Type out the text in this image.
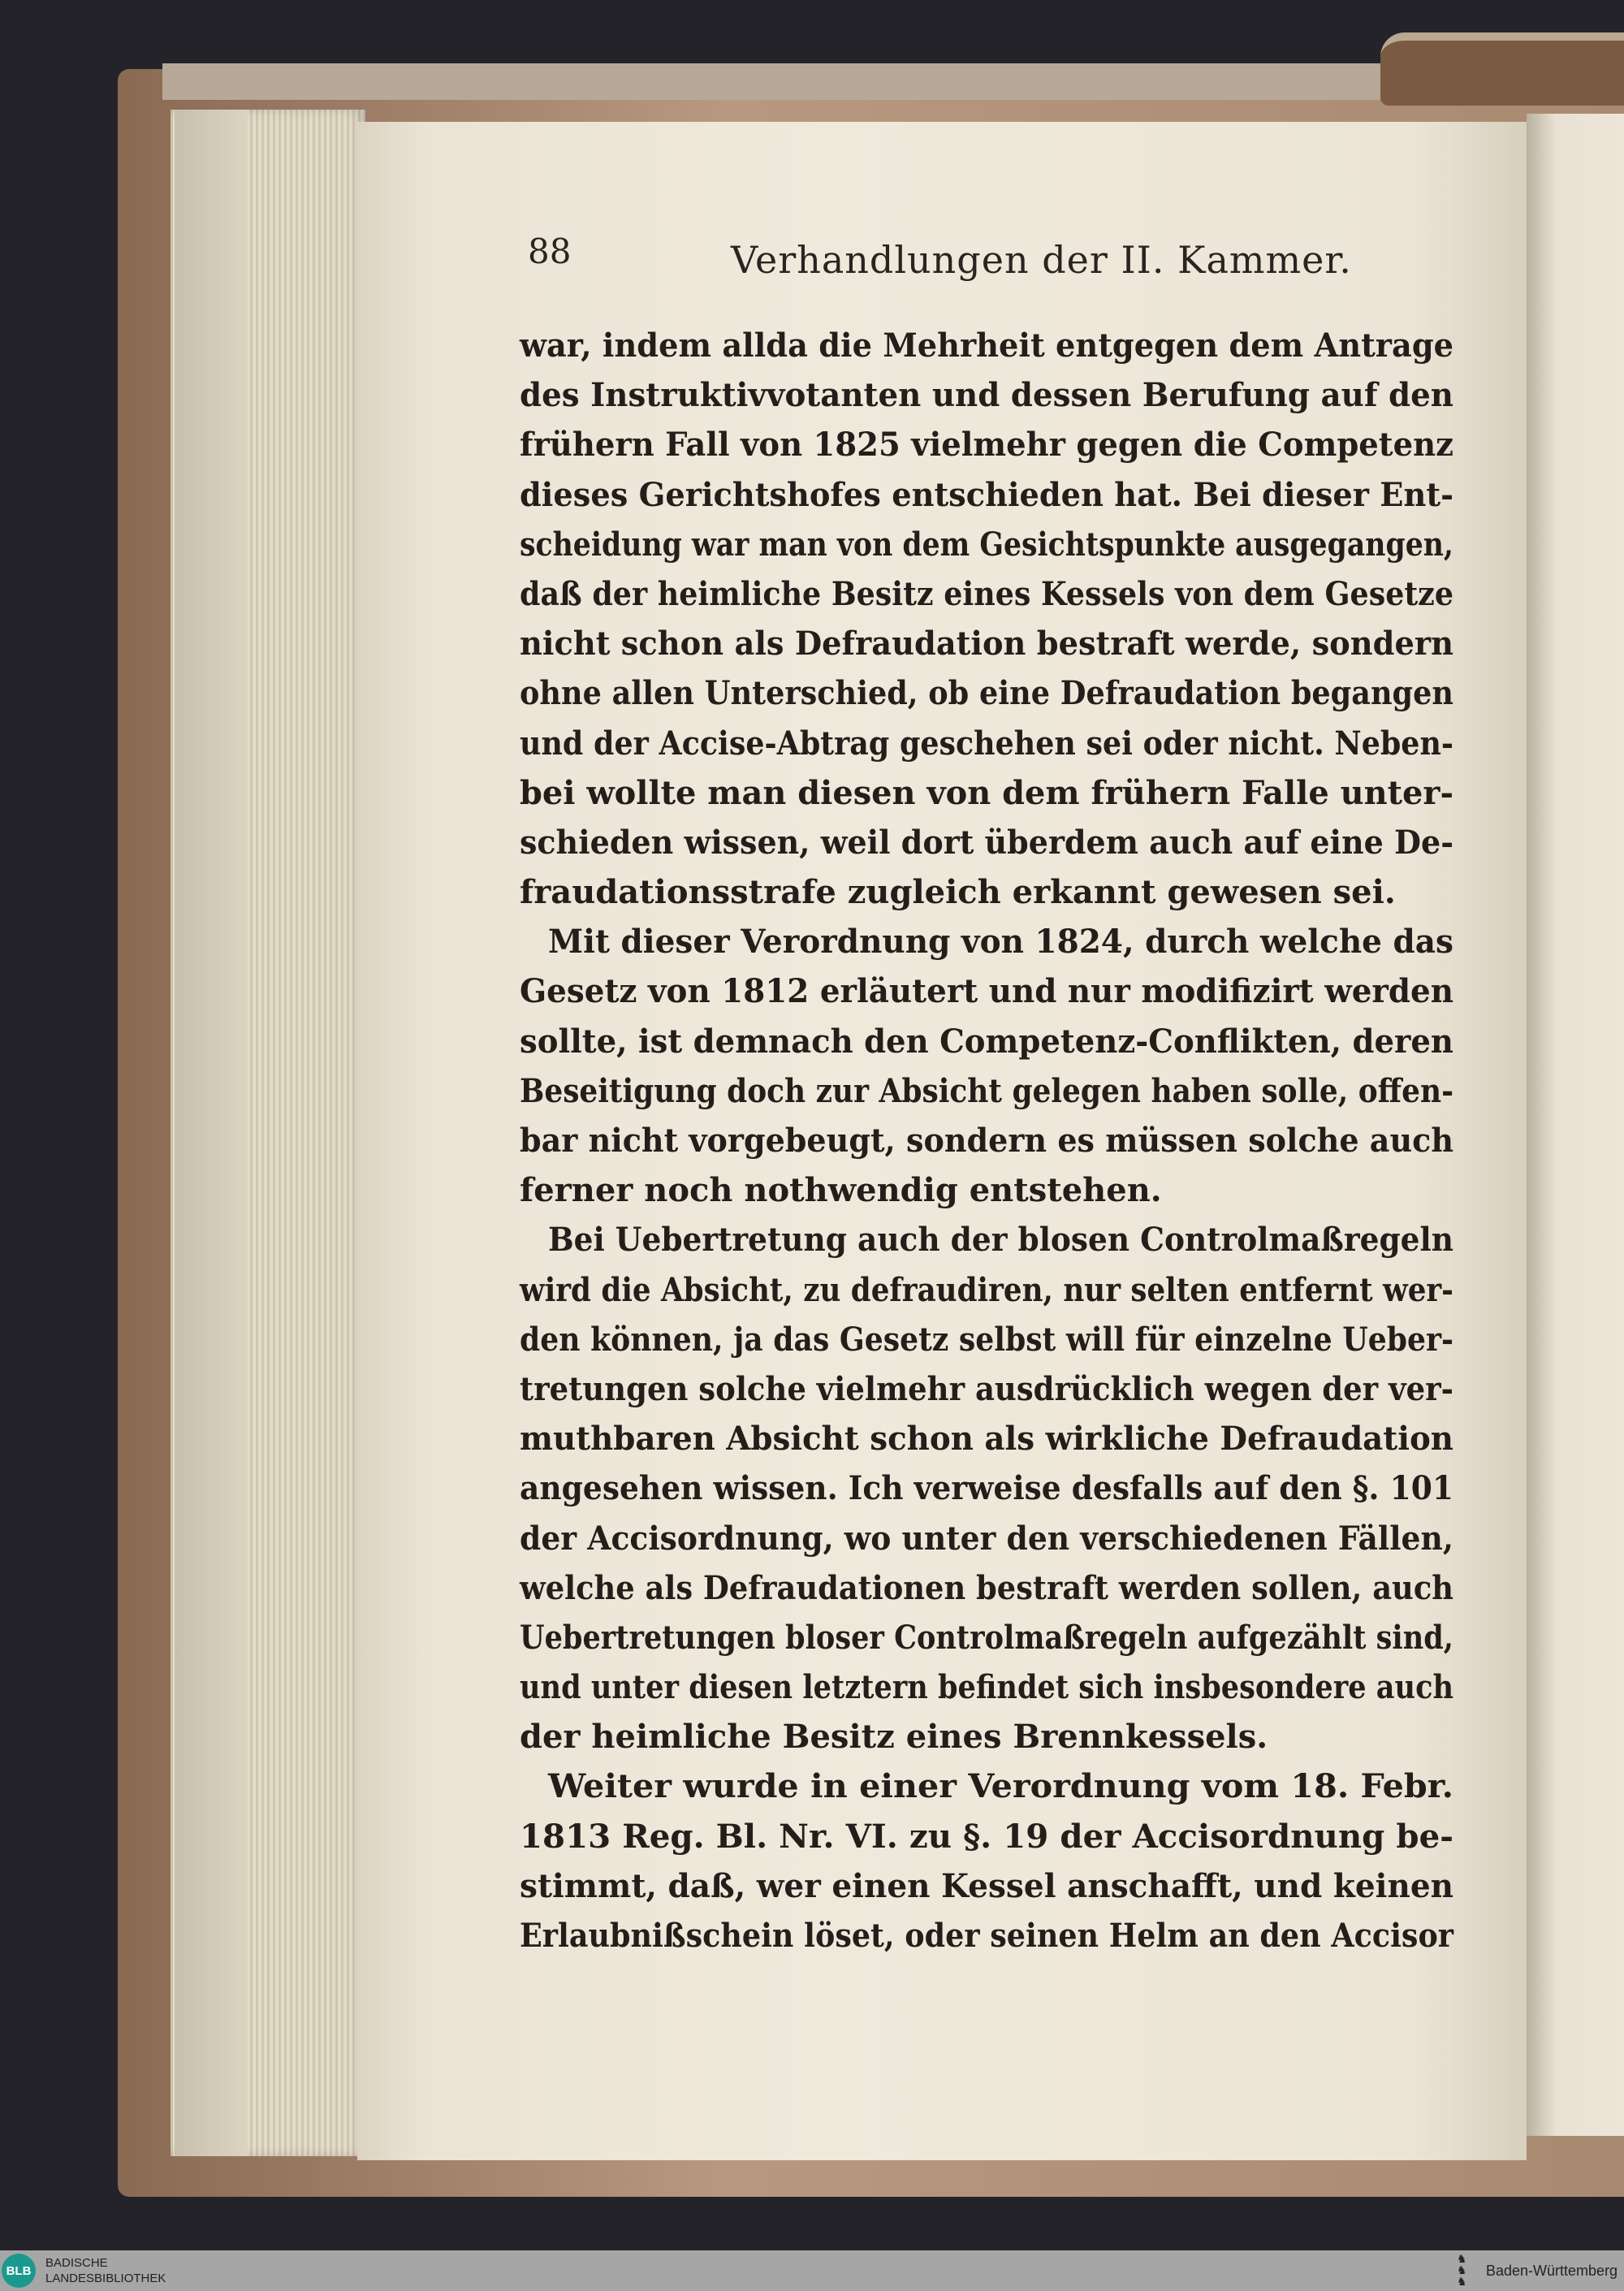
88	Verhandlungen der II. Kammer.
war, indem allda die Mehrheit entgegen dem Antrage
des Instruktivvotanten und dessen Berufung auf den
frühern Fall von 1825 vielmehr gegen die Competenz
dieses Gerichtshofes entschieden hat. Bei dieser Ent-
scheidung war man von dem Gesichtspunkte ausgegangen,
daß der heimliche Besitz eines Kessels von dem Gesetze
nicht schon als Defraudation bestraft werde, sondern
ohne allen Unterschied, ob eine Defraudation begangen
und der Accise-Abtrag geschehen sei oder nicht. Neben-
bei wollte man diesen von dem frühern Falle unter-
schieden wissen, weil dort überdem auch auf eine De-
fraudationsstrafe zugleich erkannt gewesen sei.
Mit dieser Verordnung von 1824, durch welche das
Gesetz von 1812 erläutert und nur modifizirt werden
sollte, ist demnach den Competenz-Conflikten, deren
Beseitigung doch zur Absicht gelegen haben solle, offen-
bar nicht vorgebeugt, sondern es müssen solche auch
ferner noch nothwendig entstehen.
Bei Uebertretung auch der blosen Controlmaßregeln
wird die Absicht, zu defraudiren, nur selten entfernt wer-
den können, ja das Gesetz selbst will für einzelne Ueber-
tretungen solche vielmehr ausdrücklich wegen der ver-
muthbaren Absicht schon als wirkliche Defraudation
angesehen wissen. Ich verweise desfalls auf den §. 101
der Accisordnung, wo unter den verschiedenen Fällen,
welche als Defraudationen bestraft werden sollen, auch
Uebertretungen bloser Controlmaßregeln aufgezählt sind,
und unter diesen letztern befindet sich insbesondere auch
der heimliche Besitz eines Brennkessels.
Weiter wurde in einer Verordnung vom 18. Febr.
1813 Reg. Bl. Nr. VI. zu §. 19 der Accisordnung be-
stimmt, daß, wer einen Kessel anschafft, und keinen
Erlaubnißschein löset, oder seinen Helm an den Accisor
BLB
BADISCHE
LANDESBIBLIOTHEK
♞
♞
♞
Baden-Württemberg
